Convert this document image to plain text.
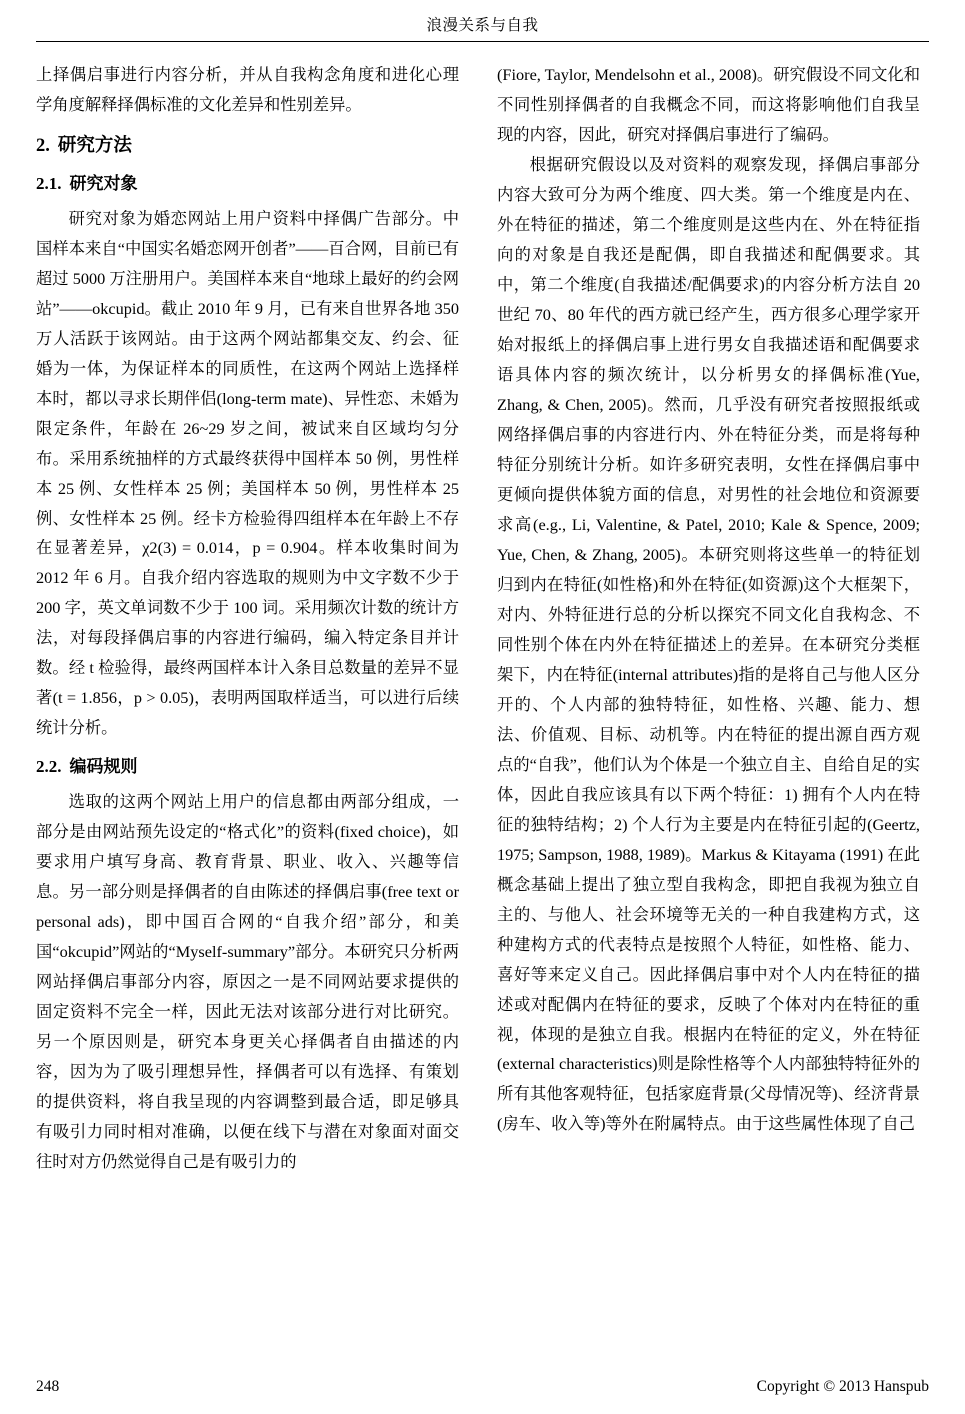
浪漫关系与自我

上择偶启事进行内容分析，并从自我构念角度和进化心理学角度解释择偶标准的文化差异和性别差异。

2. 研究方法
2.1. 研究对象

研究对象为婚恋网站上用户资料中择偶广告部分。中国样本来自“中国实名婚恋网开创者”——百合网，目前已有超过 5000 万注册用户。美国样本来自“地球上最好的约会网站”——okcupid。截止 2010 年 9 月，已有来自世界各地 350 万人活跃于该网站。由于这两个网站都集交友、约会、征婚为一体，为保证样本的同质性，在这两个网站上选择样本时，都以寻求长期伴侣(long-term mate)、异性恋、未婚为限定条件，年龄在 26~29 岁之间，被试来自区域均匀分布。采用系统抽样的方式最终获得中国样本 50 例，男性样本 25 例、女性样本 25 例；美国样本 50 例，男性样本 25 例、女性样本 25 例。经卡方检验得四组样本在年龄上不存在显著差异，χ2(3) = 0.014，p = 0.904。样本收集时间为 2012 年 6 月。自我介绍内容选取的规则为中文字数不少于 200 字，英文单词数不少于 100 词。采用频次计数的统计方法，对每段择偶启事的内容进行编码，编入特定条目并计数。经 t 检验得，最终两国样本计入条目总数量的差异不显著(t = 1.856，p > 0.05)，表明两国取样适当，可以进行后续统计分析。

2.2. 编码规则

选取的这两个网站上用户的信息都由两部分组成，一部分是由网站预先设定的“格式化”的资料(fixed choice)，如要求用户填写身高、教育背景、职业、收入、兴趣等信息。另一部分则是择偶者的自由陈述的择偶启事(free text or personal ads)，即中国百合网的“自我介绍”部分，和美国“okcupid”网站的“Myself-summary”部分。本研究只分析两网站择偶启事部分内容，原因之一是不同网站要求提供的固定资料不完全一样，因此无法对该部分进行对比研究。另一个原因则是，研究本身更关心择偶者自由描述的内容，因为为了吸引理想异性，择偶者可以有选择、有策划的提供资料，将自我呈现的内容调整到最合适，即足够具有吸引力同时相对准确，以便在线下与潜在对象面对面交往时对方仍然觉得自己是有吸引力的

(Fiore, Taylor, Mendelsohn et al., 2008)。研究假设不同文化和不同性别择偶者的自我概念不同，而这将影响他们自我呈现的内容，因此，研究对择偶启事进行了编码。

根据研究假设以及对资料的观察发现，择偶启事部分内容大致可分为两个维度、四大类。第一个维度是内在、外在特征的描述，第二个维度则是这些内在、外在特征指向的对象是自我还是配偶，即自我描述和配偶要求。其中，第二个维度(自我描述/配偶要求)的内容分析方法自 20 世纪 70、80 年代的西方就已经产生，西方很多心理学家开始对报纸上的择偶启事上进行男女自我描述语和配偶要求语具体内容的频次统计，以分析男女的择偶标准(Yue, Zhang, & Chen, 2005)。然而，几乎没有研究者按照报纸或网络择偶启事的内容进行内、外在特征分类，而是将每种特征分别统计分析。如许多研究表明，女性在择偶启事中更倾向提供体貌方面的信息，对男性的社会地位和资源要求高(e.g., Li, Valentine, & Patel, 2010; Kale & Spence, 2009; Yue, Chen, & Zhang, 2005)。本研究则将这些单一的特征划归到内在特征(如性格)和外在特征(如资源)这个大框架下，对内、外特征进行总的分析以探究不同文化自我构念、不同性别个体在内外在特征描述上的差异。在本研究分类框架下，内在特征(internal attributes)指的是将自己与他人区分开的、个人内部的独特特征，如性格、兴趣、能力、想法、价值观、目标、动机等。内在特征的提出源自西方观点的“自我”，他们认为个体是一个独立自主、自给自足的实体，因此自我应该具有以下两个特征：1) 拥有个人内在特征的独特结构；2) 个人行为主要是内在特征引起的(Geertz, 1975; Sampson, 1988, 1989)。Markus & Kitayama (1991) 在此概念基础上提出了独立型自我构念，即把自我视为独立自主的、与他人、社会环境等无关的一种自我建构方式，这种建构方式的代表特点是按照个人特征，如性格、能力、喜好等来定义自己。因此择偶启事中对个人内在特征的描述或对配偶内在特征的要求，反映了个体对内在特征的重视，体现的是独立自我。根据内在特征的定义，外在特征(external characteristics)则是除性格等个人内部独特特征外的所有其他客观特征，包括家庭背景(父母情况等)、经济背景(房车、收入等)等外在附属特点。由于这些属性体现了自己

248	Copyright © 2013 Hanspub
